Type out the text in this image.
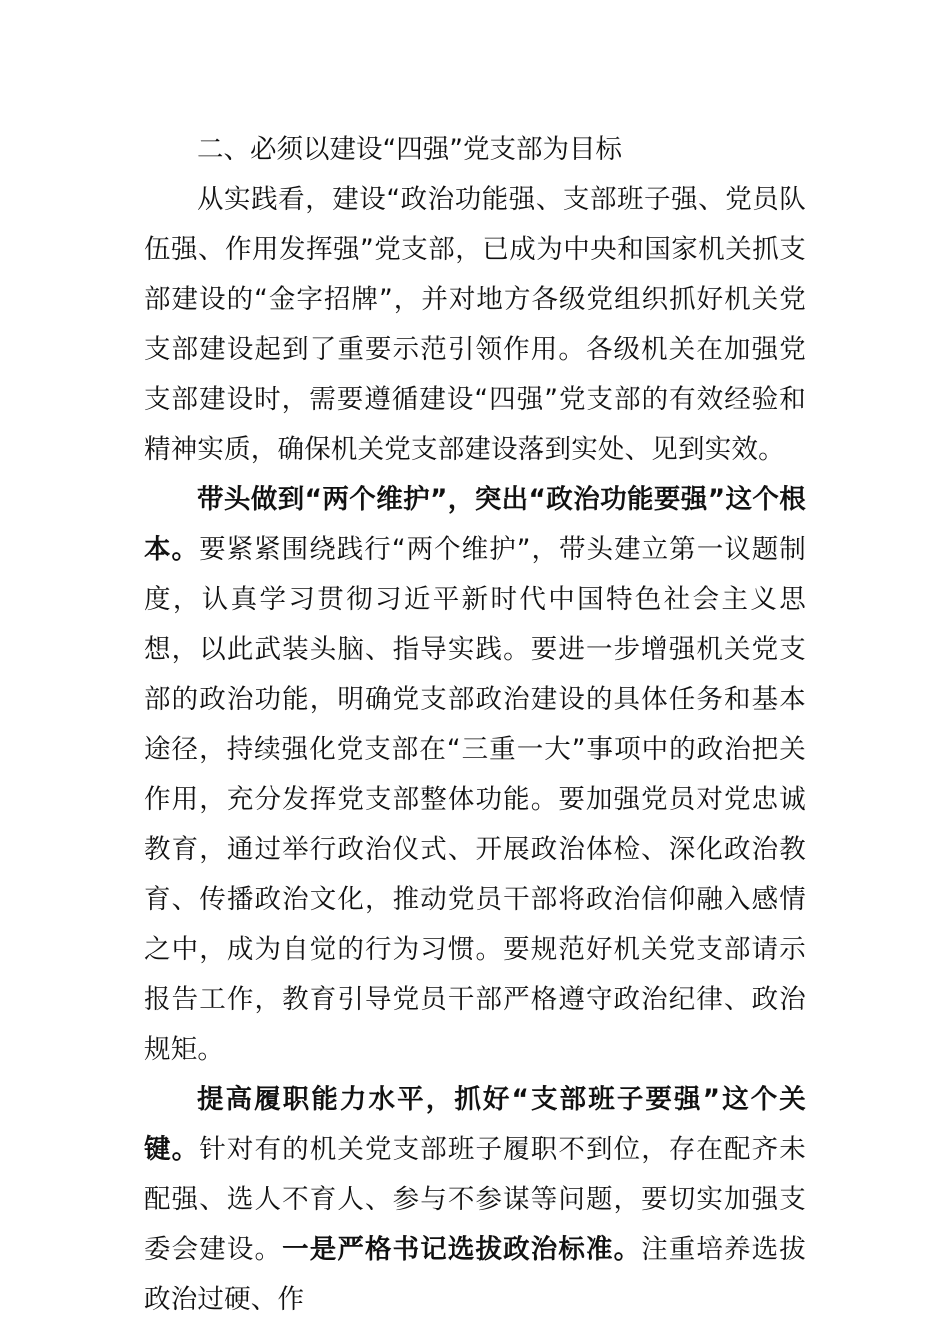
二、必须以建设“四强”党支部为目标

从实践看，建设“政治功能强、支部班子强、党员队伍强、作用发挥强”党支部，已成为中央和国家机关抓支部建设的“金字招牌”，并对地方各级党组织抓好机关党支部建设起到了重要示范引领作用。各级机关在加强党支部建设时，需要遵循建设“四强”党支部的有效经验和精神实质，确保机关党支部建设落到实处、见到实效。

带头做到“两个维护”，突出“政治功能要强”这个根本。要紧紧围绕践行“两个维护”，带头建立第一议题制度，认真学习贯彻习近平新时代中国特色社会主义思想，以此武装头脑、指导实践。要进一步增强机关党支部的政治功能，明确党支部政治建设的具体任务和基本途径，持续强化党支部在“三重一大”事项中的政治把关作用，充分发挥党支部整体功能。要加强党员对党忠诚教育，通过举行政治仪式、开展政治体检、深化政治教育、传播政治文化，推动党员干部将政治信仰融入感情之中，成为自觉的行为习惯。要规范好机关党支部请示报告工作，教育引导党员干部严格遵守政治纪律、政治规矩。

提高履职能力水平，抓好“支部班子要强”这个关键。针对有的机关党支部班子履职不到位，存在配齐未配强、选人不育人、参与不参谋等问题，要切实加强支委会建设。一是严格书记选拔政治标准。注重培养选拔政治过硬、作
